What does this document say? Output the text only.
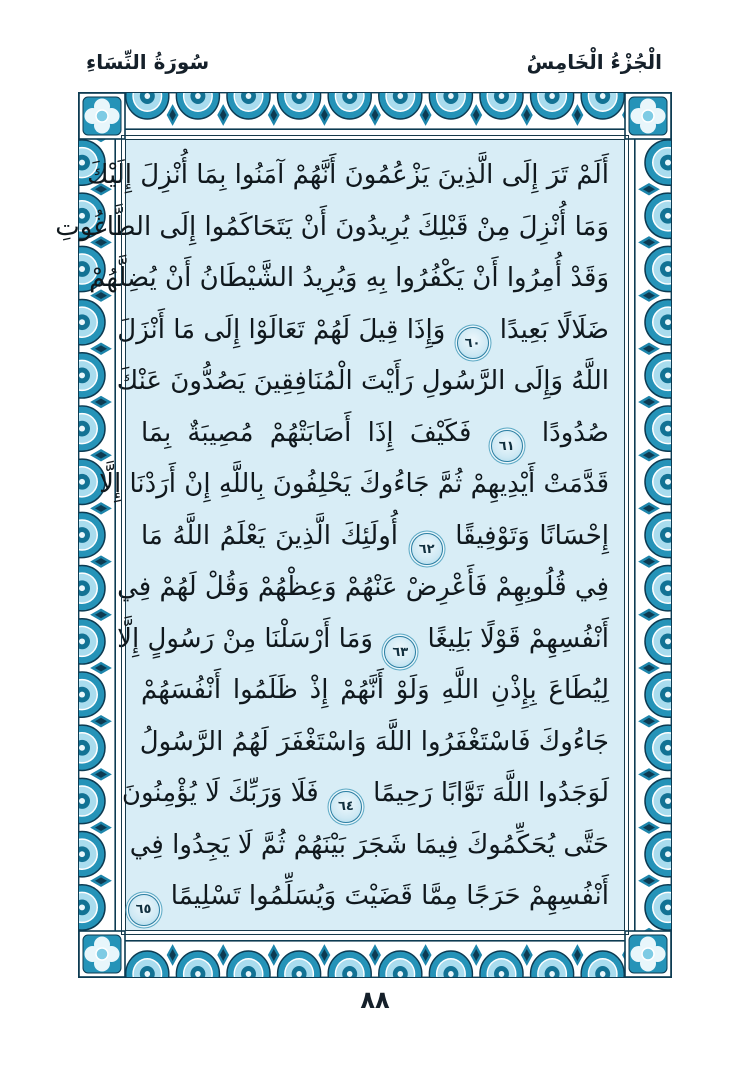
الْجُزْءُ الْخَامِسُ
سُورَةُ النِّسَاءِ
أَلَمْ تَرَ إِلَى الَّذِينَ يَزْعُمُونَ أَنَّهُمْ آمَنُوا بِمَا أُنْزِلَ إِلَيْكَ
وَمَا أُنْزِلَ مِنْ قَبْلِكَ يُرِيدُونَ أَنْ يَتَحَاكَمُوا إِلَى الطَّاغُوتِ
وَقَدْ أُمِرُوا أَنْ يَكْفُرُوا بِهِ وَيُرِيدُ الشَّيْطَانُ أَنْ يُضِلَّهُمْ
ضَلَالًا بَعِيدًا ٦٠ وَإِذَا قِيلَ لَهُمْ تَعَالَوْا إِلَى مَا أَنْزَلَ
اللَّهُ وَإِلَى الرَّسُولِ رَأَيْتَ الْمُنَافِقِينَ يَصُدُّونَ عَنْكَ
صُدُودًا ٦١ فَكَيْفَ إِذَا أَصَابَتْهُمْ مُصِيبَةٌ بِمَا
قَدَّمَتْ أَيْدِيهِمْ ثُمَّ جَاءُوكَ يَحْلِفُونَ بِاللَّهِ إِنْ أَرَدْنَا إِلَّا
إِحْسَانًا وَتَوْفِيقًا ٦٢ أُولَئِكَ الَّذِينَ يَعْلَمُ اللَّهُ مَا
فِي قُلُوبِهِمْ فَأَعْرِضْ عَنْهُمْ وَعِظْهُمْ وَقُلْ لَهُمْ فِي
أَنْفُسِهِمْ قَوْلًا بَلِيغًا ٦٣ وَمَا أَرْسَلْنَا مِنْ رَسُولٍ إِلَّا
لِيُطَاعَ بِإِذْنِ اللَّهِ وَلَوْ أَنَّهُمْ إِذْ ظَلَمُوا أَنْفُسَهُمْ
جَاءُوكَ فَاسْتَغْفَرُوا اللَّهَ وَاسْتَغْفَرَ لَهُمُ الرَّسُولُ
لَوَجَدُوا اللَّهَ تَوَّابًا رَحِيمًا ٦٤ فَلَا وَرَبِّكَ لَا يُؤْمِنُونَ
حَتَّى يُحَكِّمُوكَ فِيمَا شَجَرَ بَيْنَهُمْ ثُمَّ لَا يَجِدُوا فِي
أَنْفُسِهِمْ حَرَجًا مِمَّا قَضَيْتَ وَيُسَلِّمُوا تَسْلِيمًا ٦٥
٨٨
